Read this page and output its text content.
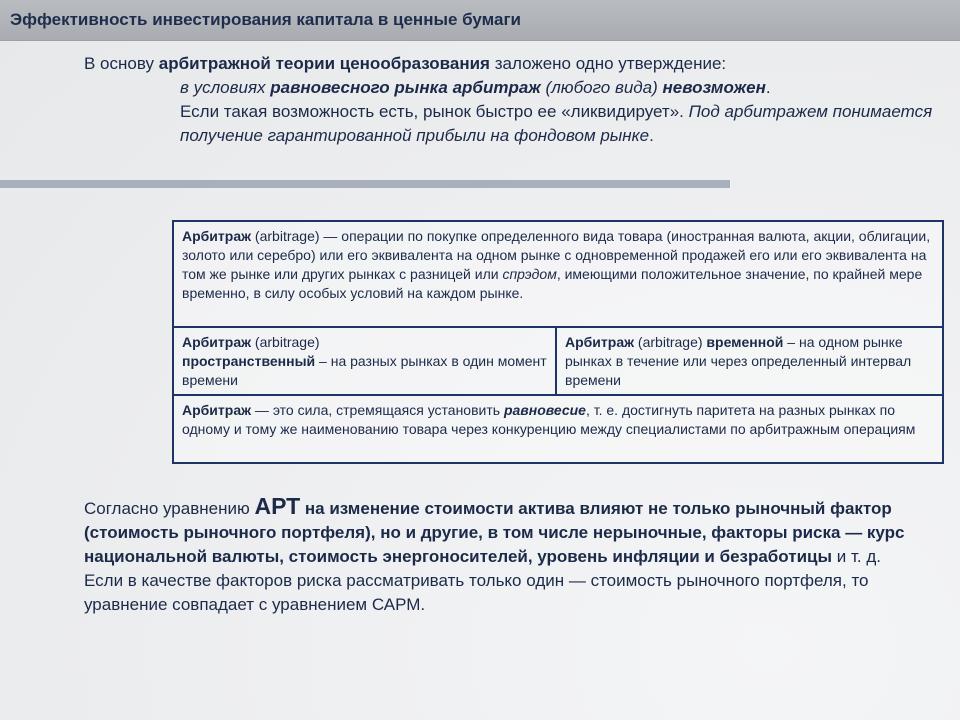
Эффективность инвестирования капитала в ценные бумаги
В основу арбитражной теории ценообразования заложено одно утверждение:
в условиях равновесного рынка арбитраж (любого вида) невозможен.
Если такая возможность есть, рынок быстро ее «ликвидирует». Под арбитражем понимается получение гарантированной прибыли на фондовом рынке.
Арбитраж (arbitrage) — операции по покупке определенного вида товара (иностранная валюта, акции, облигации, золото или серебро) или его эквивалента на одном рынке с одновременной продажей его или его эквивалента на том же рынке или других рынках с разницей или спрэдом, имеющими положительное значение, по крайней мере временно, в силу особых условий на каждом рынке.
Арбитраж (arbitrage)
пространственный – на разных рынках в один момент времени
Арбитраж (arbitrage) временной – на одном рынке рынках в течение или через определенный интервал времени
Арбитраж — это сила, стремящаяся установить равновесие, т. е. достигнуть паритета на разных рынках по одному и тому же наименованию товара через конкуренцию между специалистами по арбитражным операциям
Согласно уравнению АРТ на изменение стоимости актива влияют не только рыночный фактор (стоимость рыночного портфеля), но и другие, в том числе нерыночные, факторы риска — курс национальной валюты, стоимость энергоносителей, уровень инфляции и безработицы и т. д.
Если в качестве факторов риска рассматривать только один — стоимость рыночного портфеля, то уравнение совпадает с уравнением САРМ.
